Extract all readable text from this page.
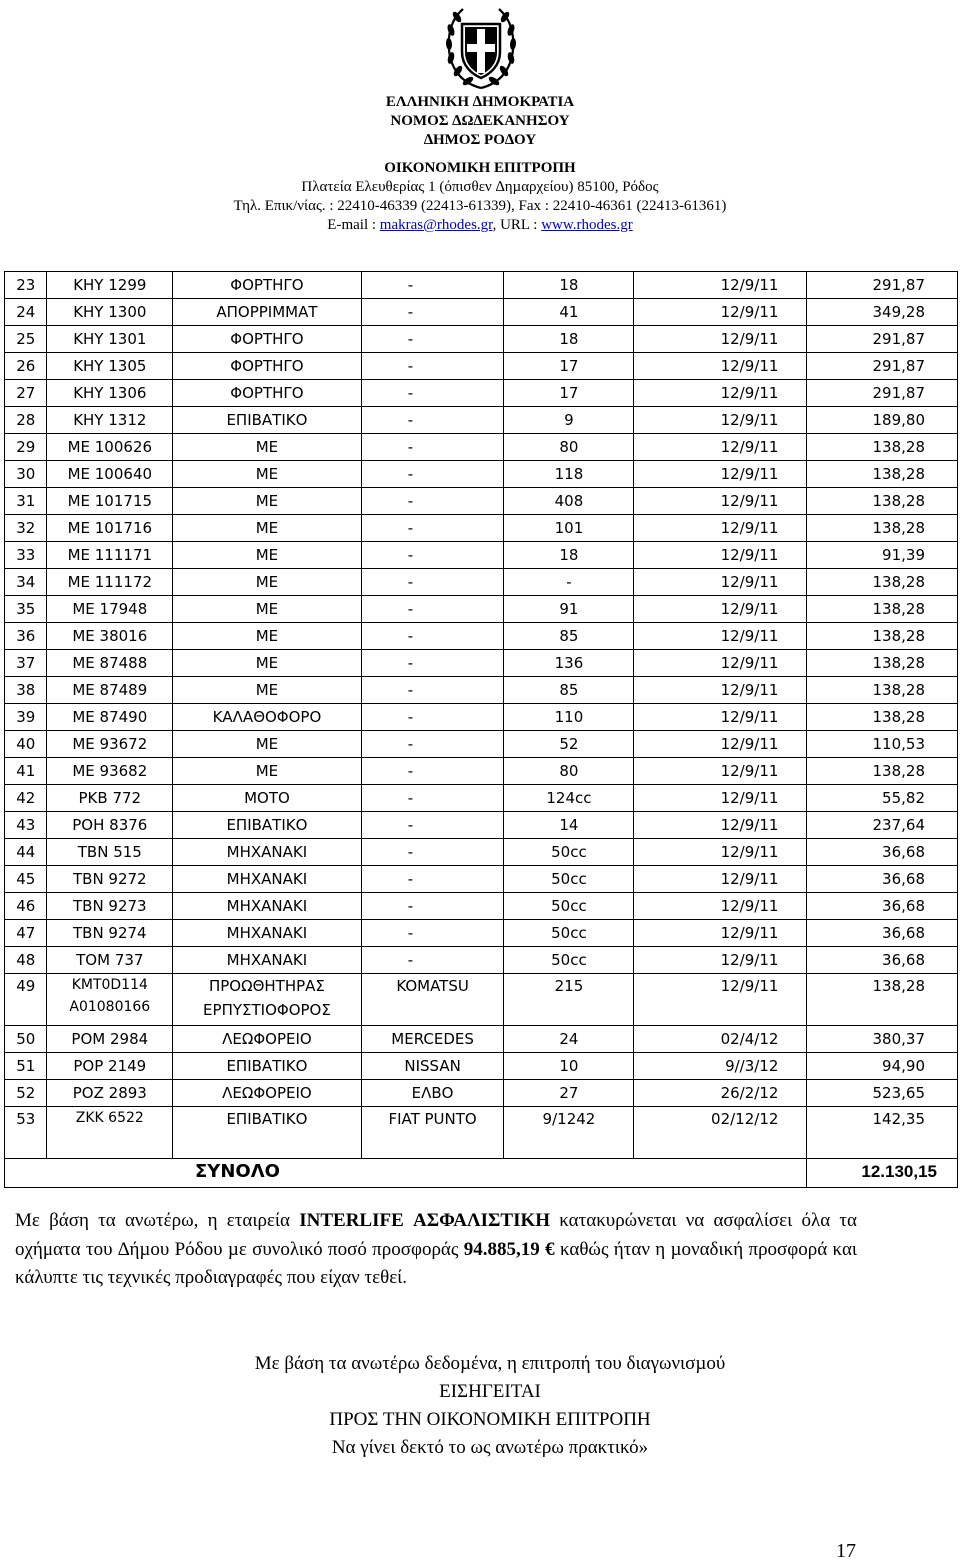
ΕΛΛΗΝΙΚΗ ∆ΗΜΟΚΡΑΤΙΑ
ΝΟΜΟΣ ∆Ω∆ΕΚΑΝΗΣΟΥ
∆ΗΜΟΣ ΡΟ∆ΟΥ
ΟΙΚΟΝΟΜΙΚΗ ΕΠΙΤΡΟΠΗ
Πλατεία Ελευθερίας 1 (όπισθεν ∆ηµαρχείου) 85100, Ρόδος
Τηλ. Επικ/νίας. : 22410-46339 (22413-61339), Fax : 22410-46361 (22413-61361)
E-mail : makras@rhodes.gr, URL : www.rhodes.gr
23	ΚΗΥ 1299	ΦΟΡΤΗΓΟ	-	18	12/9/11	291,87
24	ΚΗΥ 1300	ΑΠΟΡΡΙΜΜΑΤ	-	41	12/9/11	349,28
25	ΚΗΥ 1301	ΦΟΡΤΗΓΟ	-	18	12/9/11	291,87
26	ΚΗΥ 1305	ΦΟΡΤΗΓΟ	-	17	12/9/11	291,87
27	ΚΗΥ 1306	ΦΟΡΤΗΓΟ	-	17	12/9/11	291,87
28	ΚΗΥ 1312	ΕΠΙΒΑΤΙΚΟ	-	9	12/9/11	189,80
29	ΜΕ 100626	ΜΕ	-	80	12/9/11	138,28
30	ΜΕ 100640	ΜΕ	-	118	12/9/11	138,28
31	ΜΕ 101715	ΜΕ	-	408	12/9/11	138,28
32	ΜΕ 101716	ΜΕ	-	101	12/9/11	138,28
33	ΜΕ 111171	ΜΕ	-	18	12/9/11	91,39
34	ΜΕ 111172	ΜΕ	-	-	12/9/11	138,28
35	ΜΕ 17948	ΜΕ	-	91	12/9/11	138,28
36	ΜΕ 38016	ΜΕ	-	85	12/9/11	138,28
37	ΜΕ 87488	ΜΕ	-	136	12/9/11	138,28
38	ΜΕ 87489	ΜΕ	-	85	12/9/11	138,28
39	ΜΕ 87490	ΚΑΛΑΘΟΦΟΡΟ	-	110	12/9/11	138,28
40	ΜΕ 93672	ΜΕ	-	52	12/9/11	110,53
41	ΜΕ 93682	ΜΕ	-	80	12/9/11	138,28
42	ΡΚΒ 772	ΜΟΤΟ	-	124cc	12/9/11	55,82
43	ΡΟΗ 8376	ΕΠΙΒΑΤΙΚΟ	-	14	12/9/11	237,64
44	ΤΒΝ 515	ΜΗΧΑΝΑΚΙ	-	50cc	12/9/11	36,68
45	ΤΒΝ 9272	ΜΗΧΑΝΑΚΙ	-	50cc	12/9/11	36,68
46	ΤΒΝ 9273	ΜΗΧΑΝΑΚΙ	-	50cc	12/9/11	36,68
47	ΤΒΝ 9274	ΜΗΧΑΝΑΚΙ	-	50cc	12/9/11	36,68
48	ΤΟΜ 737	ΜΗΧΑΝΑΚΙ	-	50cc	12/9/11	36,68
49	KMT0D114 A01080166	ΠΡΟΩΘΗΤΗΡΑΣ ΕΡΠΥΣΤΙΟΦΟΡΟΣ	KOMATSU	215	12/9/11	138,28
50	ΡΟΜ 2984	ΛΕΩΦΟΡΕΙΟ	MERCEDES	24	02/4/12	380,37
51	ΡΟΡ 2149	ΕΠΙΒΑΤΙΚΟ	NISSAN	10	9//3/12	94,90
52	ΡΟΖ 2893	ΛΕΩΦΟΡΕΙΟ	ΕΛΒΟ	27	26/2/12	523,65
53	ΖΚΚ 6522	ΕΠΙΒΑΤΙΚΟ	FIAT PUNTO	9/1242	02/12/12	142,35
ΣΥΝΟΛΟ						12.130,15
Με βάση τα ανωτέρω, η εταιρεία INTERLIFE ΑΣΦΑΛΙΣΤΙΚΗ κατακυρώνεται να ασφαλίσει όλα τα οχήματα του ∆ήµου Ρόδου µε συνολικό ποσό προσφοράς 94.885,19 € καθώς ήταν η µοναδική προσφορά και κάλυπτε τις τεχνικές προδιαγραφές που είχαν τεθεί.
Με βάση τα ανωτέρω δεδοµένα, η επιτροπή του διαγωνισµού
ΕΙΣΗΓΕΙΤΑΙ
ΠΡΟΣ ΤΗΝ ΟΙΚΟΝΟΜΙΚΗ ΕΠΙΤΡΟΠΗ
Να γίνει δεκτό το ως ανωτέρω πρακτικό»
17
